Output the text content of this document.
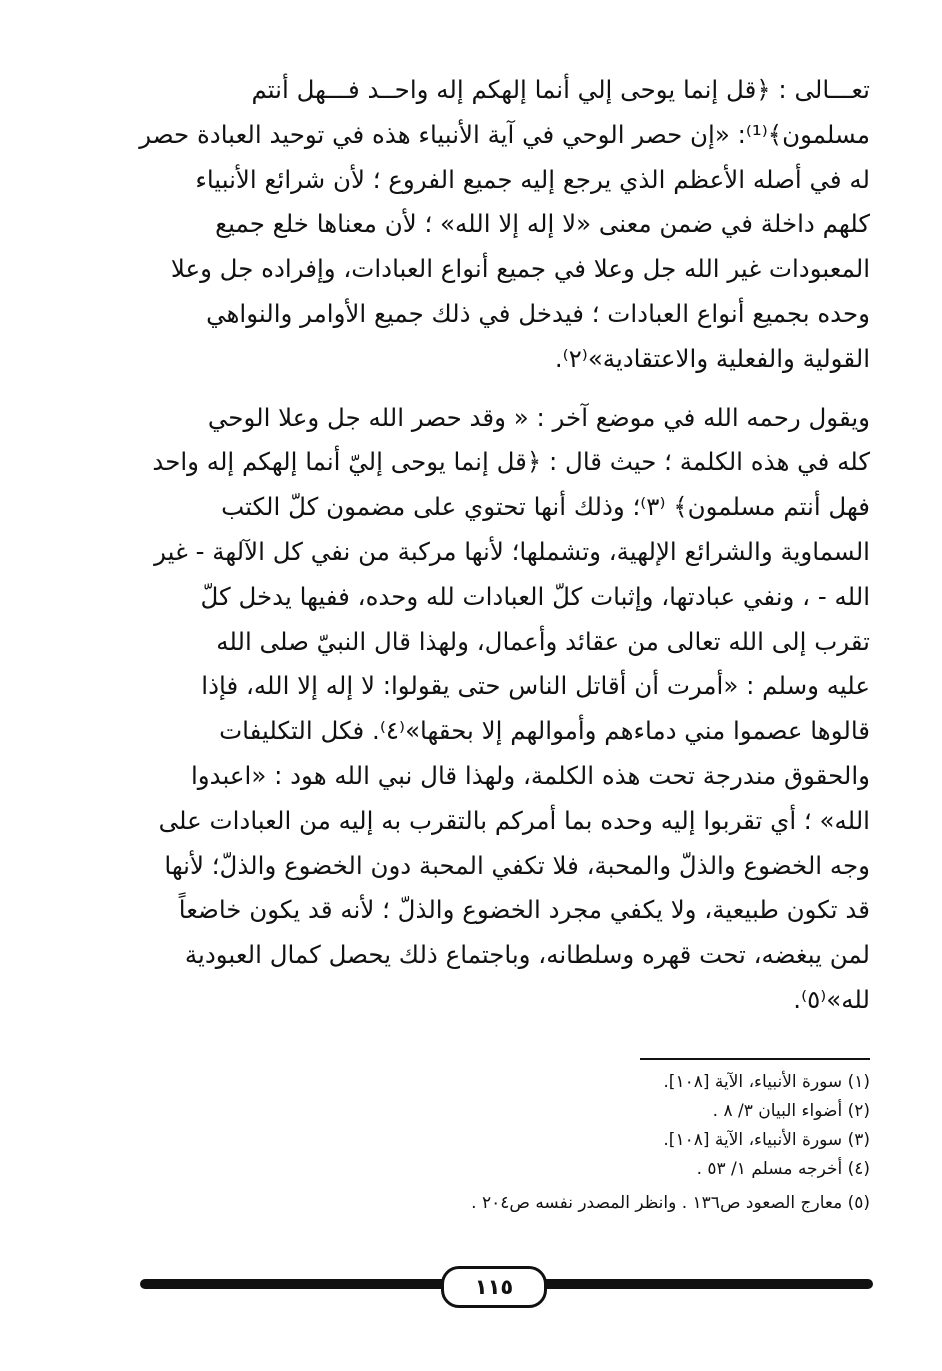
تعـــالى : ﴿قل إنما يوحى إلي أنما إلهكم إله واحــد فـــهل أنتم
مسلمون﴾⁽¹⁾: «إن حصر الوحي في آية الأنبياء هذه في توحيد العبادة حصر
له في أصله الأعظم الذي يرجع إليه جميع الفروع ؛ لأن شرائع الأنبياء
كلهم داخلة في ضمن معنى «لا إله إلا الله» ؛ لأن معناها خلع جميع
المعبودات غير الله جل وعلا في جميع أنواع العبادات، وإفراده جل وعلا
وحده بجميع أنواع العبادات ؛ فيدخل في ذلك جميع الأوامر والنواهي
القولية والفعلية والاعتقادية»⁽٢⁾.
ويقول رحمه الله في موضع آخر : « وقد حصر الله جل وعلا الوحي
كله في هذه الكلمة ؛ حيث قال : ﴿قل إنما يوحى إليّ أنما إلهكم إله واحد
فهل أنتم مسلمون﴾ ⁽٣⁾؛ وذلك أنها تحتوي على مضمون كلّ الكتب
السماوية والشرائع الإلهية، وتشملها؛ لأنها مركبة من نفي كل الآلهة - غير
الله - ، ونفي عبادتها، وإثبات كلّ العبادات لله وحده، ففيها يدخل كلّ
تقرب إلى الله تعالى من عقائد وأعمال، ولهذا قال النبيّ صلى الله
عليه وسلم : «أمرت أن أقاتل الناس حتى يقولوا: لا إله إلا الله، فإذا
قالوها عصموا مني دماءهم وأموالهم إلا بحقها»⁽٤⁾. فكل التكليفات
والحقوق مندرجة تحت هذه الكلمة، ولهذا قال نبي الله هود : «اعبدوا
الله» ؛ أي تقربوا إليه وحده بما أمركم بالتقرب به إليه من العبادات على
وجه الخضوع والذلّ والمحبة، فلا تكفي المحبة دون الخضوع والذلّ؛ لأنها
قد تكون طبيعية، ولا يكفي مجرد الخضوع والذلّ ؛ لأنه قد يكون خاضعاً
لمن يبغضه، تحت قهره وسلطانه، وباجتماع ذلك يحصل كمال العبودية
لله»⁽٥⁾.
(١) سورة الأنبياء، الآية [١٠٨].
(٢) أضواء البيان ٣/ ٨ .
(٣) سورة الأنبياء، الآية [١٠٨].
(٤) أخرجه مسلم ١/ ٥٣ .
(٥) معارج الصعود ص١٣٦ . وانظر المصدر نفسه ص٢٠٤ .
١١٥
